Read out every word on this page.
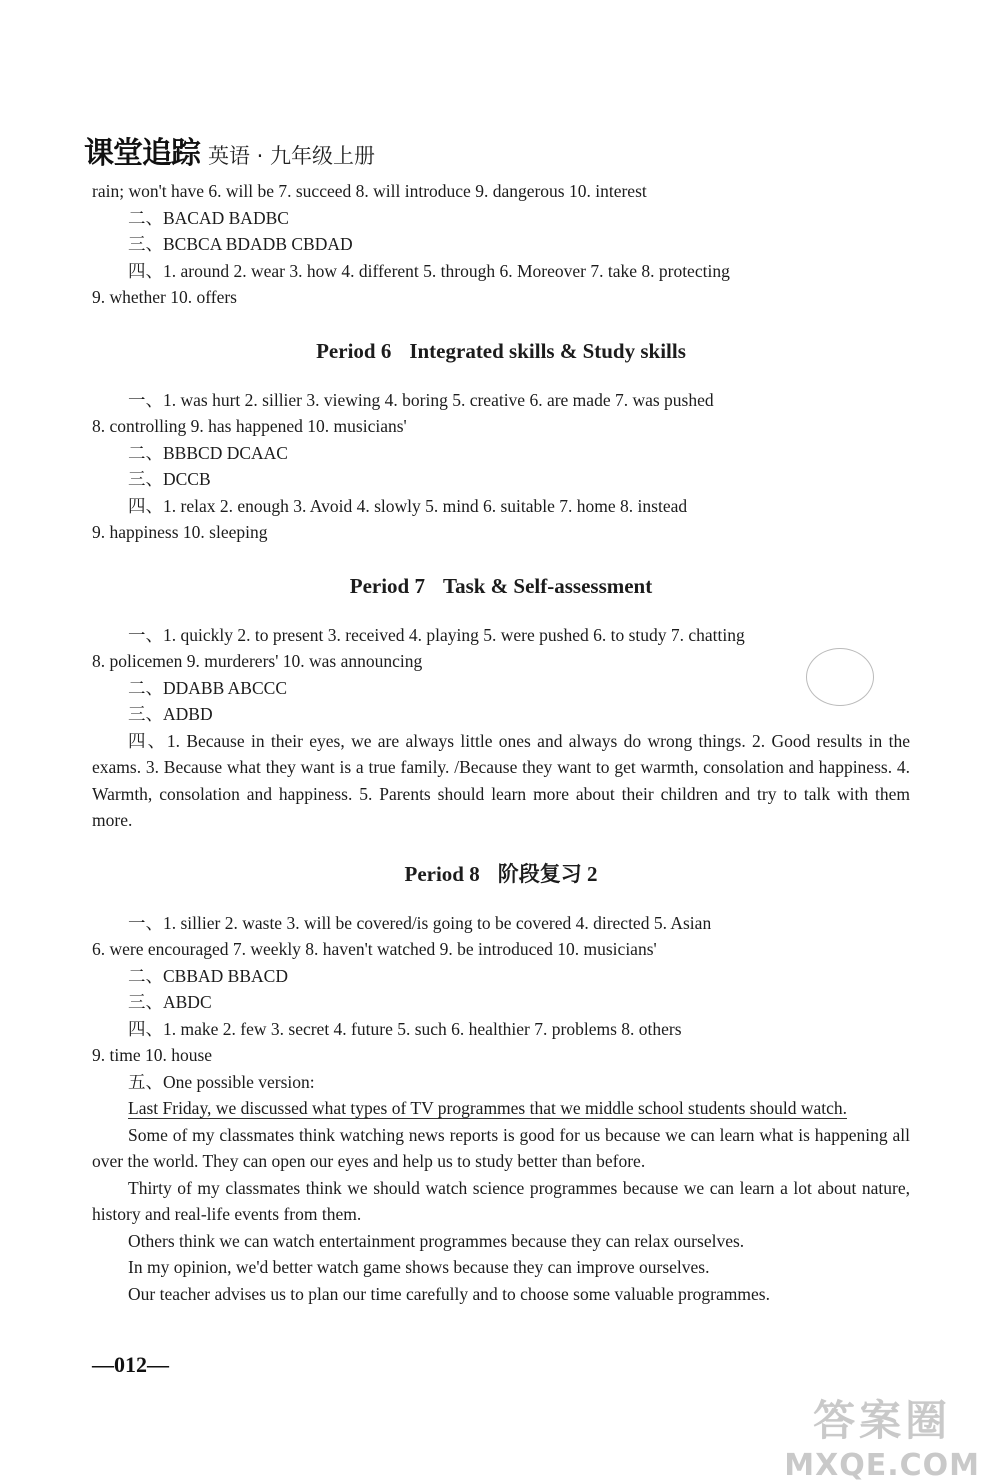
课堂追踪 英语 · 九年级上册
rain; won't have 6. will be 7. succeed 8. will introduce 9. dangerous 10. interest
二、BACAD BADBC
三、BCBCA BDADB CBDAD
四、1. around 2. wear 3. how 4. different 5. through 6. Moreover 7. take 8. protecting
9. whether 10. offers
Period 6 Integrated skills & Study skills
一、1. was hurt 2. sillier 3. viewing 4. boring 5. creative 6. are made 7. was pushed
8. controlling 9. has happened 10. musicians'
二、BBBCD DCAAC
三、DCCB
四、1. relax 2. enough 3. Avoid 4. slowly 5. mind 6. suitable 7. home 8. instead
9. happiness 10. sleeping
Period 7 Task & Self-assessment
一、1. quickly 2. to present 3. received 4. playing 5. were pushed 6. to study 7. chatting
8. policemen 9. murderers' 10. was announcing
二、DDABB ABCCC
三、ADBD
四、1. Because in their eyes, we are always little ones and always do wrong things. 2. Good results in the exams. 3. Because what they want is a true family. /Because they want to get warmth, consolation and happiness. 4. Warmth, consolation and happiness. 5. Parents should learn more about their children and try to talk with them more.
Period 8 阶段复习 2
一、1. sillier 2. waste 3. will be covered/is going to be covered 4. directed 5. Asian
6. were encouraged 7. weekly 8. haven't watched 9. be introduced 10. musicians'
二、CBBAD BBACD
三、ABDC
四、1. make 2. few 3. secret 4. future 5. such 6. healthier 7. problems 8. others
9. time 10. house
五、One possible version:
Last Friday, we discussed what types of TV programmes that we middle school students should watch.
Some of my classmates think watching news reports is good for us because we can learn what is happening all over the world. They can open our eyes and help us to study better than before.
Thirty of my classmates think we should watch science programmes because we can learn a lot about nature, history and real-life events from them.
Others think we can watch entertainment programmes because they can relax ourselves.
In my opinion, we'd better watch game shows because they can improve ourselves.
Our teacher advises us to plan our time carefully and to choose some valuable programmes.
—012—
答案圈
MXQE.COM
